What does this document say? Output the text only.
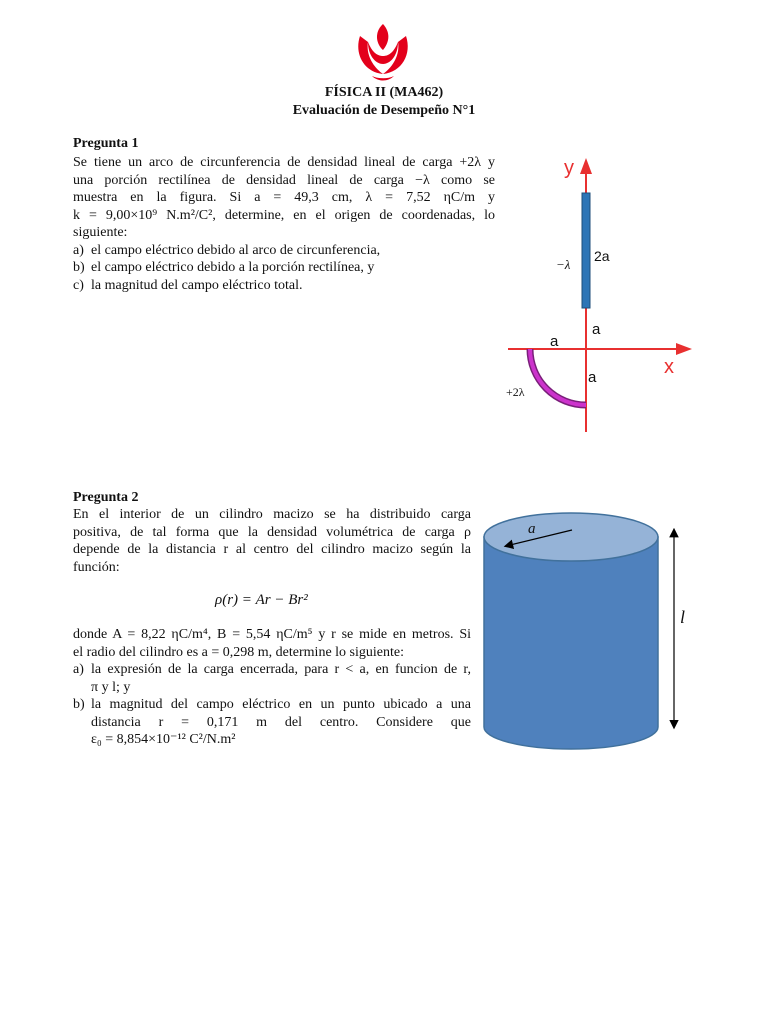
FÍSICA II (MA462)
Evaluación de Desempeño N°1
Pregunta 1
Se tiene un arco de circunferencia de densidad lineal de carga +2λ y
una porción rectilínea de densidad lineal de carga −λ como se
muestra en la figura. Si a = 49,3 cm, λ = 7,52 ηC/m y
k = 9,00×10⁹ N.m²/C², determine, en el origen de coordenadas, lo
siguiente:
a) el campo eléctrico debido al arco de circunferencia,
b) el campo eléctrico debido a la porción rectilínea, y
c) la magnitud del campo eléctrico total.
y
x
−λ
2a
a
a
a
+2λ
Pregunta 2
En el interior de un cilindro macizo se ha distribuido carga
positiva, de tal forma que la densidad volumétrica de carga ρ
depende de la distancia r al centro del cilindro macizo según la
función:
ρ(r) = Ar − Br²
donde A = 8,22 ηC/m⁴, B = 5,54 ηC/m⁵ y r se mide en metros. Si
el radio del cilindro es a = 0,298 m, determine lo siguiente:
a) la expresión de la carga encerrada, para r < a, en funcion de r,
π y l; y
b) la magnitud del campo eléctrico en un punto ubicado a una
distancia r = 0,171 m del centro. Considere que
ε₀ = 8,854×10⁻¹² C²/N.m²
a
l
